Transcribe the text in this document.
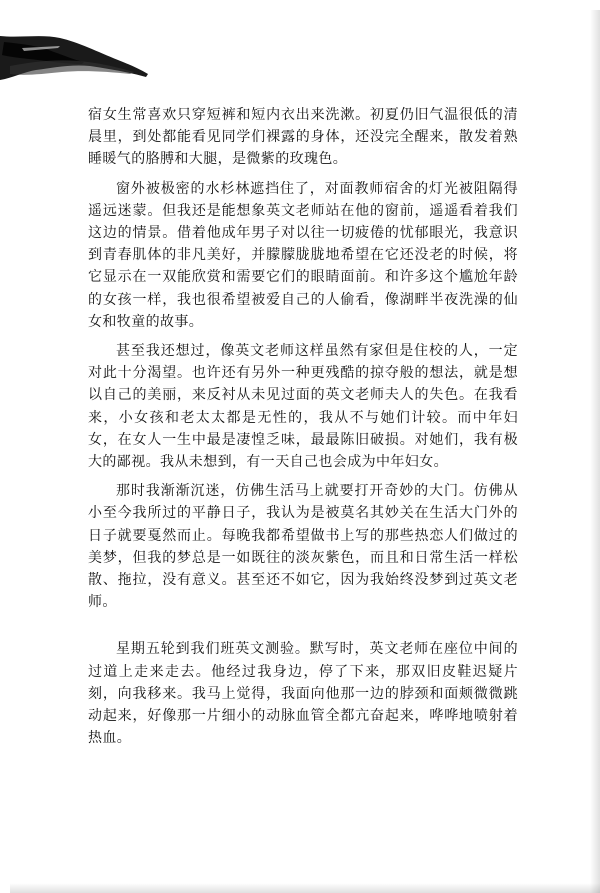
宿女生常喜欢只穿短裤和短内衣出来洗漱。初夏仍旧气温很低的清晨里，到处都能看见同学们裸露的身体，还没完全醒来，散发着熟睡暖气的胳膊和大腿，是微紫的玫瑰色。

窗外被极密的水杉林遮挡住了，对面教师宿舍的灯光被阻隔得遥远迷蒙。但我还是能想象英文老师站在他的窗前，遥遥看着我们这边的情景。借着他成年男子对以往一切疲倦的忧郁眼光，我意识到青春肌体的非凡美好，并朦朦胧胧地希望在它还没老的时候，将它显示在一双能欣赏和需要它们的眼睛面前。和许多这个尴尬年龄的女孩一样，我也很希望被爱自己的人偷看，像湖畔半夜洗澡的仙女和牧童的故事。

甚至我还想过，像英文老师这样虽然有家但是住校的人，一定对此十分渴望。也许还有另外一种更残酷的掠夺般的想法，就是想以自己的美丽，来反衬从未见过面的英文老师夫人的失色。在我看来，小女孩和老太太都是无性的，我从不与她们计较。而中年妇女，在女人一生中最是凄惶乏味，最最陈旧破损。对她们，我有极大的鄙视。我从未想到，有一天自己也会成为中年妇女。

那时我渐渐沉迷，仿佛生活马上就要打开奇妙的大门。仿佛从小至今我所过的平静日子，我认为是被莫名其妙关在生活大门外的日子就要戛然而止。每晚我都希望做书上写的那些热恋人们做过的美梦，但我的梦总是一如既往的淡灰紫色，而且和日常生活一样松散、拖拉，没有意义。甚至还不如它，因为我始终没梦到过英文老师。

星期五轮到我们班英文测验。默写时，英文老师在座位中间的过道上走来走去。他经过我身边，停了下来，那双旧皮鞋迟疑片刻，向我移来。我马上觉得，我面向他那一边的脖颈和面颊微微跳动起来，好像那一片细小的动脉血管全都亢奋起来，哗哗地喷射着热血。
